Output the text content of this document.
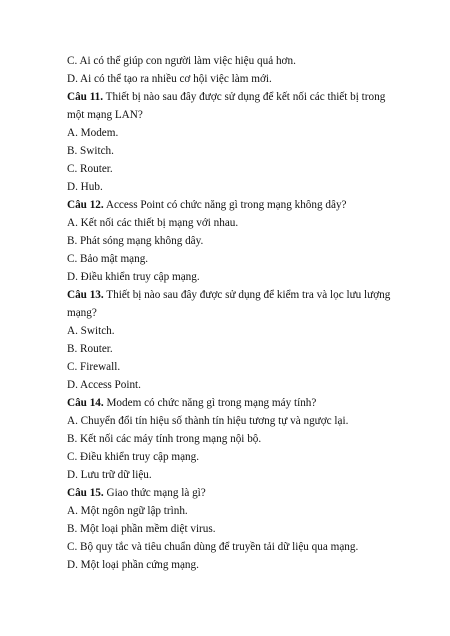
C. Ai có thể giúp con người làm việc hiệu quả hơn.
D. Ai có thể tạo ra nhiều cơ hội việc làm mới.
Câu 11. Thiết bị nào sau đây được sử dụng để kết nối các thiết bị trong
một mạng LAN?
A. Modem.
B. Switch.
C. Router.
D. Hub.
Câu 12. Access Point có chức năng gì trong mạng không dây?
A. Kết nối các thiết bị mạng với nhau.
B. Phát sóng mạng không dây.
C. Bảo mật mạng.
D. Điều khiển truy cập mạng.
Câu 13. Thiết bị nào sau đây được sử dụng để kiểm tra và lọc lưu lượng
mạng?
A. Switch.
B. Router.
C. Firewall.
D. Access Point.
Câu 14. Modem có chức năng gì trong mạng máy tính?
A. Chuyển đổi tín hiệu số thành tín hiệu tương tự và ngược lại.
B. Kết nối các máy tính trong mạng nội bộ.
C. Điều khiển truy cập mạng.
D. Lưu trữ dữ liệu.
Câu 15. Giao thức mạng là gì?
A. Một ngôn ngữ lập trình.
B. Một loại phần mềm diệt virus.
C. Bộ quy tắc và tiêu chuẩn dùng để truyền tải dữ liệu qua mạng.
D. Một loại phần cứng mạng.
